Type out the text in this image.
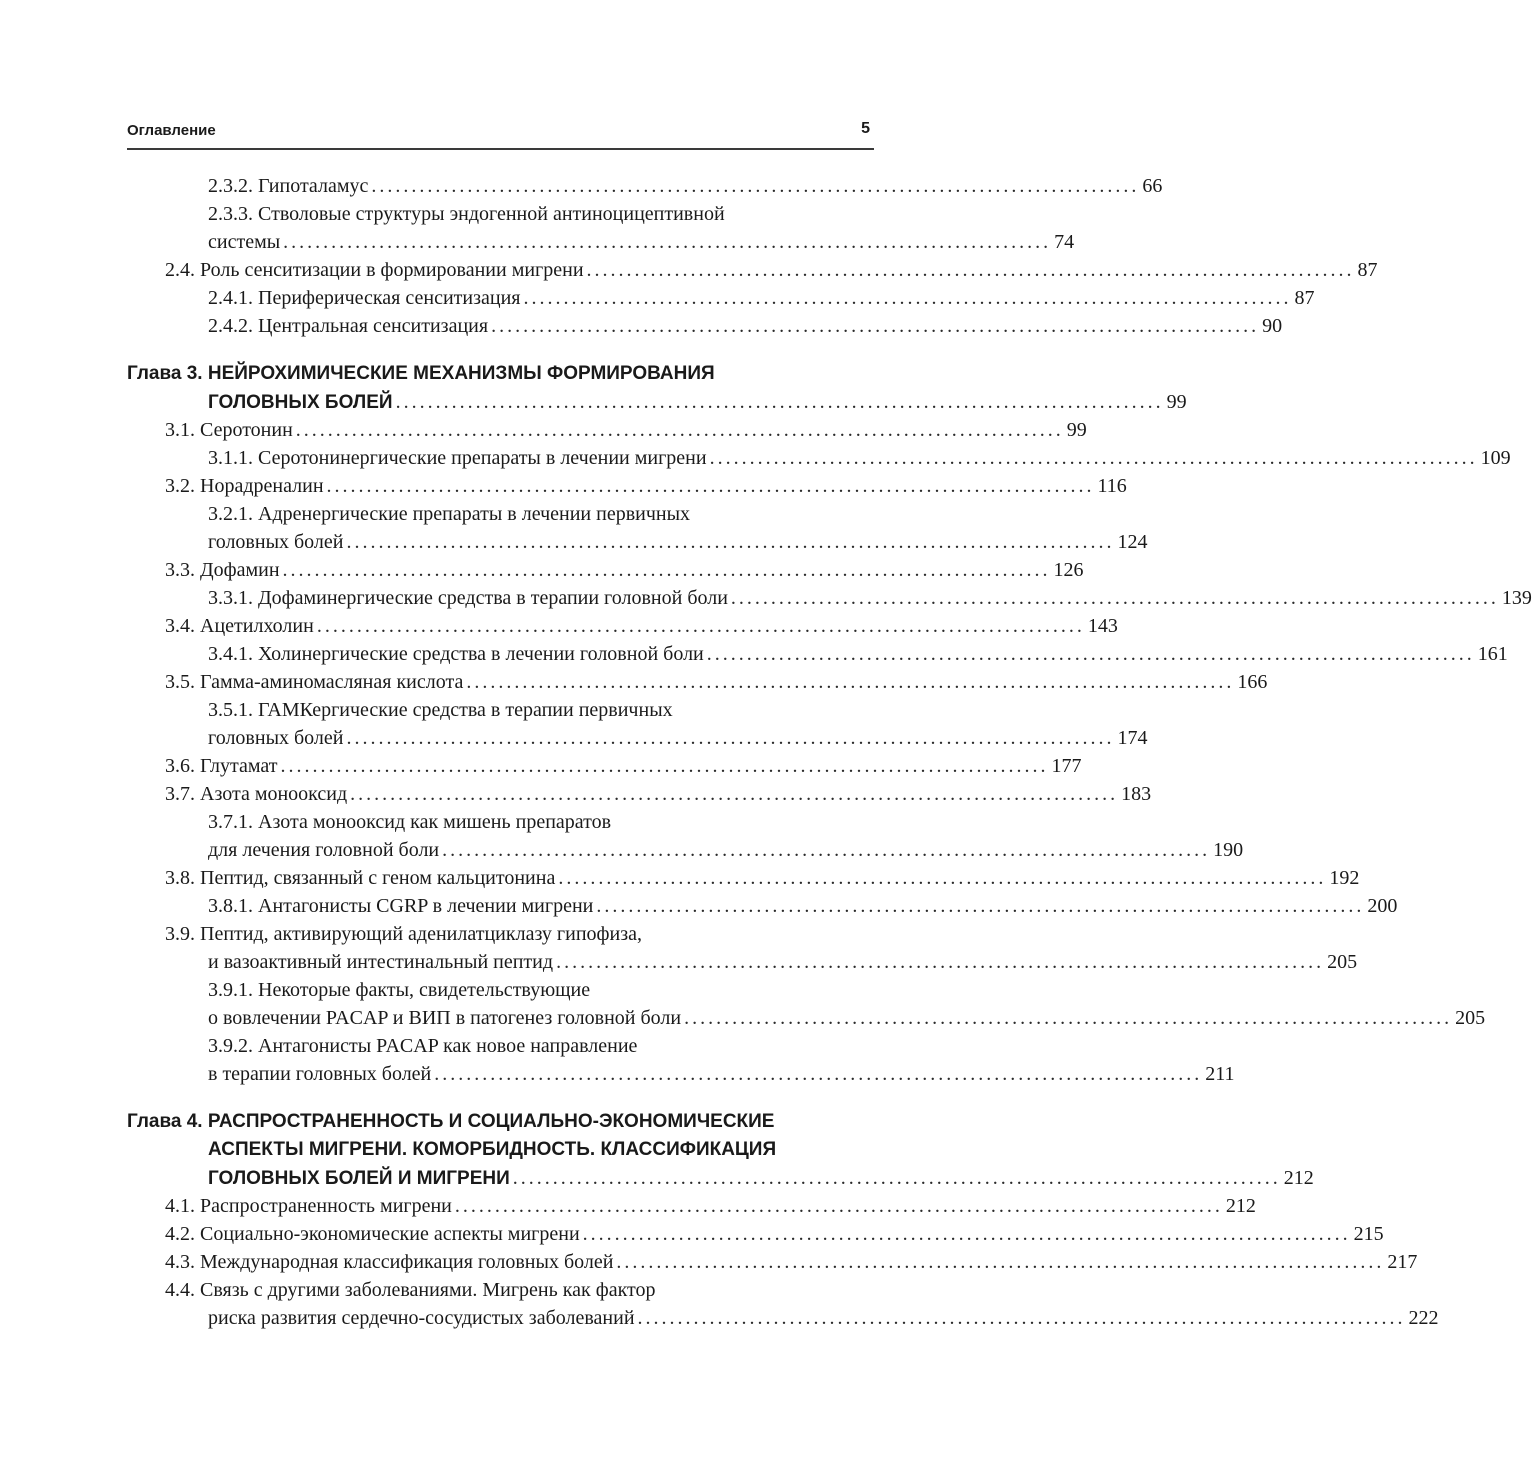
Оглавление	5
2.3.2. Гипоталамус ................................................................................................ 66
2.3.3. Стволовые структуры эндогенной антиноцицептивной
системы ................................................................................................ 74
2.4. Роль сенситизации в формировании мигрени ................................................................................................ 87
2.4.1. Периферическая сенситизация ................................................................................................ 87
2.4.2. Центральная сенситизация ................................................................................................ 90
Глава 3. НЕЙРОХИМИЧЕСКИЕ МЕХАНИЗМЫ ФОРМИРОВАНИЯ
ГОЛОВНЫХ БОЛЕЙ ................................................................................................ 99
3.1. Серотонин ................................................................................................ 99
3.1.1. Серотонинергические препараты в лечении мигрени ................................................................................................ 109
3.2. Норадреналин ................................................................................................ 116
3.2.1. Адренергические препараты в лечении первичных
головных болей ................................................................................................ 124
3.3. Дофамин ................................................................................................ 126
3.3.1. Дофаминергические средства в терапии головной боли ................................................................................................ 139
3.4. Ацетилхолин ................................................................................................ 143
3.4.1. Холинергические средства в лечении головной боли ................................................................................................ 161
3.5. Гамма-аминомасляная кислота ................................................................................................ 166
3.5.1. ГАМКергические средства в терапии первичных
головных болей ................................................................................................ 174
3.6. Глутамат ................................................................................................ 177
3.7. Азота монооксид ................................................................................................ 183
3.7.1. Азота монооксид как мишень препаратов
для лечения головной боли ................................................................................................ 190
3.8. Пептид, связанный с геном кальцитонина ................................................................................................ 192
3.8.1. Антагонисты CGRP в лечении мигрени ................................................................................................ 200
3.9. Пептид, активирующий аденилатциклазу гипофиза,
и вазоактивный интестинальный пептид ................................................................................................ 205
3.9.1. Некоторые факты, свидетельствующие
о вовлечении PACAP и ВИП в патогенез головной боли ................................................................................................ 205
3.9.2. Антагонисты PACAP как новое направление
в терапии головных болей ................................................................................................ 211
Глава 4. РАСПРОСТРАНЕННОСТЬ И СОЦИАЛЬНО-ЭКОНОМИЧЕСКИЕ
АСПЕКТЫ МИГРЕНИ. КОМОРБИДНОСТЬ. КЛАССИФИКАЦИЯ
ГОЛОВНЫХ БОЛЕЙ И МИГРЕНИ ................................................................................................ 212
4.1. Распространенность мигрени ................................................................................................ 212
4.2. Социально-экономические аспекты мигрени ................................................................................................ 215
4.3. Международная классификация головных болей ................................................................................................ 217
4.4. Связь с другими заболеваниями. Мигрень как фактор
риска развития сердечно-сосудистых заболеваний ................................................................................................ 222
